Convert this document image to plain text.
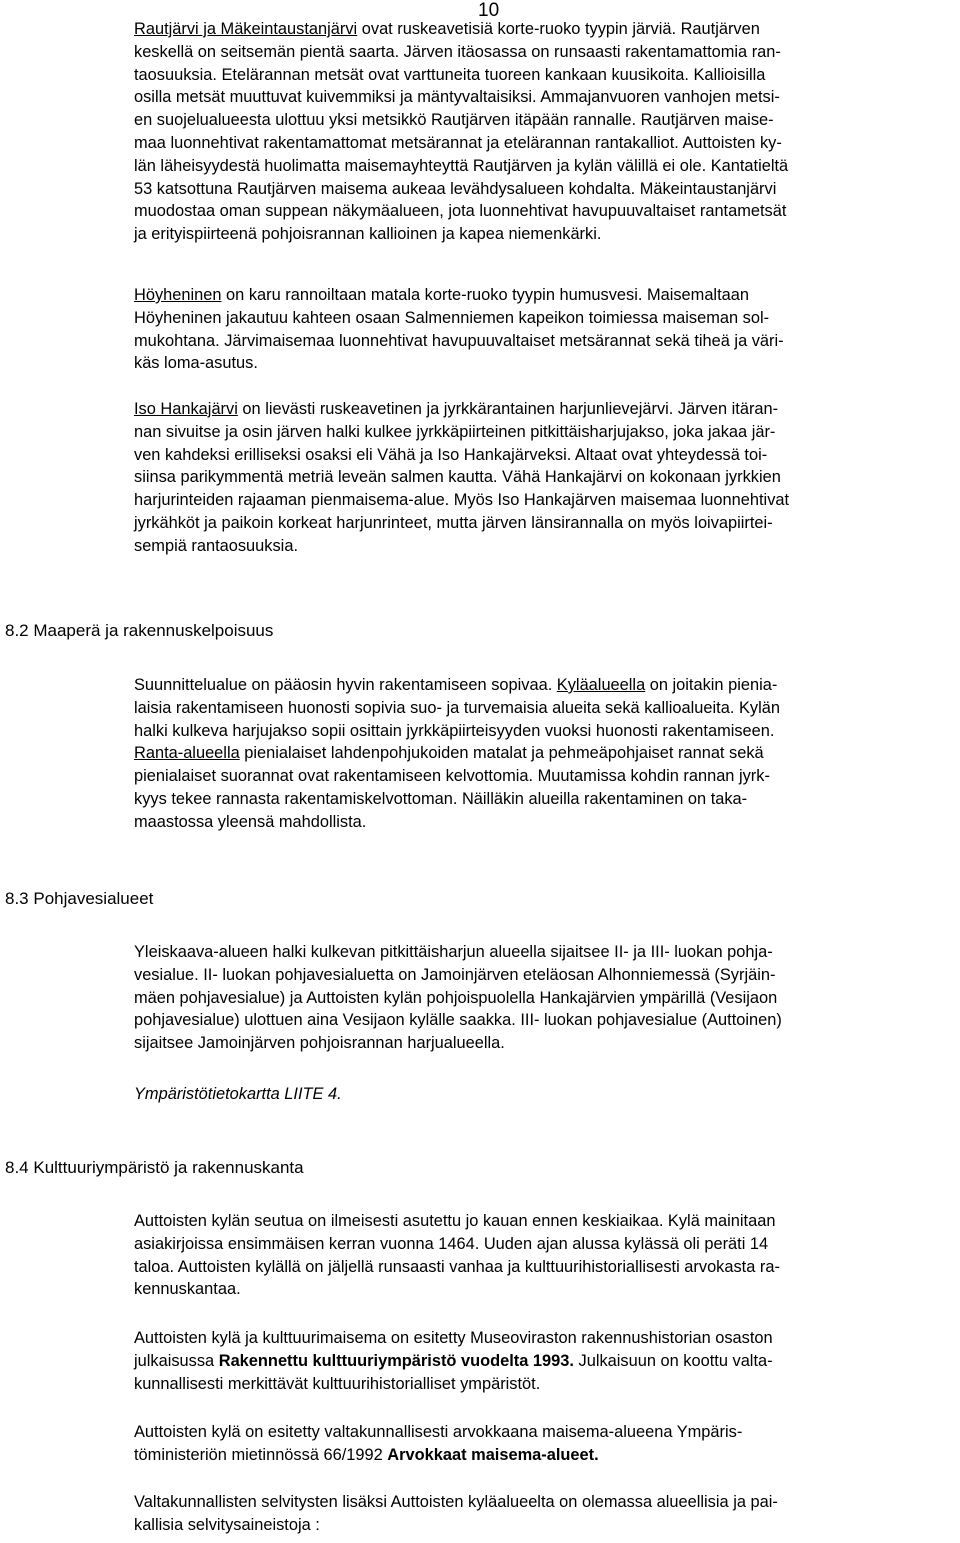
10

Rautjärvi ja Mäkeintaustanjärvi ovat ruskeavetisiä korte-ruoko tyypin järviä. Rautjärven
keskellä on seitsemän pientä saarta. Järven itäosassa on runsaasti rakentamattomia ran-
taosuuksia. Etelärannan metsät ovat varttuneita tuoreen kankaan kuusikoita. Kallioisilla
osilla metsät muuttuvat kuivemmiksi ja mäntyvaltaisiksi. Ammajanvuoren vanhojen metsi-
en suojelualueesta ulottuu yksi metsikkö Rautjärven itäpään rannalle. Rautjärven maise-
maa luonnehtivat rakentamattomat metsärannat ja etelärannan rantakalliot. Auttoisten ky-
län läheisyydestä huolimatta maisemayhteyttä Rautjärven ja kylän välillä ei ole. Kantatieltä
53 katsottuna Rautjärven maisema aukeaa levähdysalueen kohdalta. Mäkeintaustanjärvi
muodostaa oman suppean näkymäalueen, jota luonnehtivat havupuuvaltaiset rantametsät
ja erityispiirteenä pohjoisrannan kallioinen ja kapea niemenkärki.

Höyheninen on karu rannoiltaan matala korte-ruoko tyypin humusvesi. Maisemaltaan
Höyheninen jakautuu kahteen osaan Salmenniemen kapeikon toimiessa maiseman sol-
mukohtana. Järvimaisemaa luonnehtivat havupuuvaltaiset metsärannat sekä tiheä ja väri-
käs loma-asutus.

Iso Hankajärvi on lievästi ruskeavetinen ja jyrkkärantainen harjunlievejärvi. Järven itäran-
nan sivuitse ja osin järven halki kulkee jyrkkäpiirteinen pitkittäisharjujakso, joka jakaa jär-
ven kahdeksi erilliseksi osaksi eli Vähä ja Iso Hankajärveksi. Altaat ovat yhteydessä toi-
siinsa parikymmentä metriä leveän salmen kautta. Vähä Hankajärvi on kokonaan jyrkkien
harjurinteiden rajaaman pienmaisema-alue. Myös Iso Hankajärven maisemaa luonnehtivat
jyrkähköt ja paikoin korkeat harjunrinteet, mutta järven länsirannalla on myös loivapiirtei-
sempiä rantaosuuksia.

8.2 Maaperä ja rakennuskelpoisuus

Suunnittelualue on pääosin hyvin rakentamiseen sopivaa. Kyläalueella on joitakin pienia-
laisia rakentamiseen huonosti sopivia suo- ja turvemaisia alueita sekä kallioalueita. Kylän
halki kulkeva harjujakso sopii osittain jyrkkäpiirteisyyden vuoksi huonosti rakentamiseen.
Ranta-alueella pienialaiset lahdenpohjukoiden matalat ja pehmeäpohjaiset rannat sekä
pienialaiset suorannat ovat rakentamiseen kelvottomia. Muutamissa kohdin rannan jyrk-
kyys tekee rannasta rakentamiskelvottoman. Näilläkin alueilla rakentaminen on taka-
maastossa yleensä mahdollista.

8.3 Pohjavesialueet

Yleiskaava-alueen halki kulkevan pitkittäisharjun alueella sijaitsee II- ja III- luokan pohja-
vesialue. II- luokan pohjavesialuetta on Jamoinjärven eteläosan Alhonniemessä (Syrjäin-
mäen pohjavesialue) ja Auttoisten kylän pohjoispuolella Hankajärvien ympärillä (Vesijaon
pohjavesialue) ulottuen aina Vesijaon kylälle saakka. III- luokan pohjavesialue (Auttoinen)
sijaitsee Jamoinjärven pohjoisrannan harjualueella.

Ympäristötietokartta LIITE 4.

8.4 Kulttuuriympäristö ja rakennuskanta

Auttoisten kylän seutua on ilmeisesti asutettu jo kauan ennen keskiaikaa. Kylä mainitaan
asiakirjoissa ensimmäisen kerran vuonna 1464. Uuden ajan alussa kylässä oli peräti 14
taloa. Auttoisten kylällä on jäljellä runsaasti vanhaa ja kulttuurihistoriallisesti arvokasta ra-
kennuskantaa.

Auttoisten kylä ja kulttuurimaisema on esitetty Museoviraston rakennushistorian osaston
julkaisussa Rakennettu kulttuuriympäristö vuodelta 1993. Julkaisuun on koottu valta-
kunnallisesti merkittävät kulttuurihistorialliset ympäristöt.

Auttoisten kylä on esitetty valtakunnallisesti arvokkaana maisema-alueena Ympäris-
töministeriön mietinnössä 66/1992 Arvokkaat maisema-alueet.

Valtakunnallisten selvitysten lisäksi Auttoisten kyläalueelta on olemassa alueellisia ja pai-
kallisia selvitysaineistoja :
